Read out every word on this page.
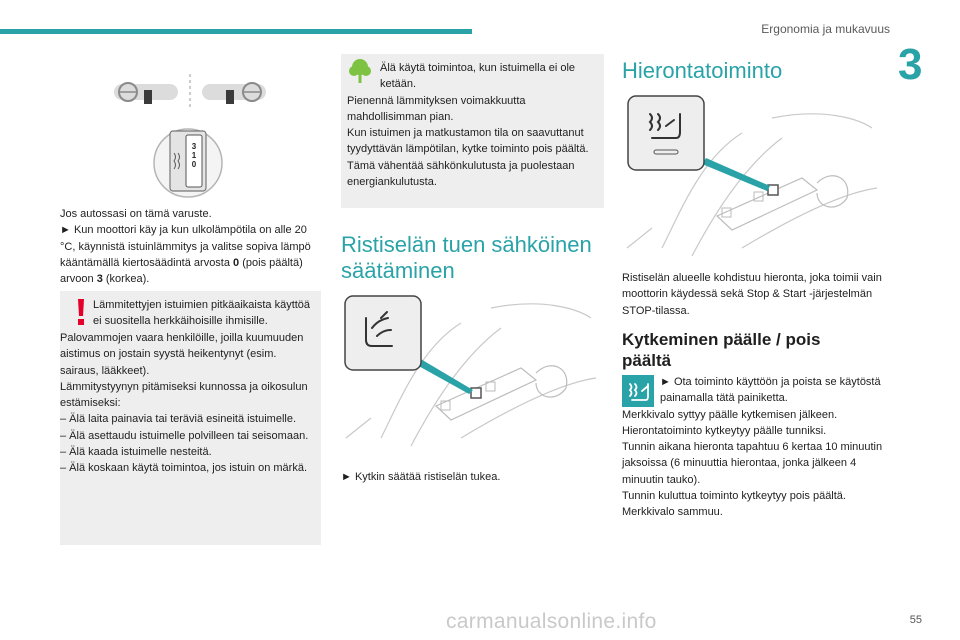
Ergonomia ja mukavuus
3
3
1
0

Jos autossasi on tämä varuste.

► Kun moottori käy ja kun ulkolämpötila on alle 20 °C, käynnistä istuinlämmitys ja valitse sopiva lämpö kääntämällä kiertosäädintä arvosta 0 (pois päältä) arvoon 3 (korkea).

Lämmitettyjen istuimien pitkäaikaista käyttöä ei suositella herkkäihoisille ihmisille.

Palovammojen vaara henkilöille, joilla kuumuuden aistimus on jostain syystä heikentynyt (esim. sairaus, lääkkeet).

Lämmitystyynyn pitämiseksi kunnossa ja oikosulun estämiseksi:

– Älä laita painavia tai teräviä esineitä istuimelle.

– Älä asettaudu istuimelle polvilleen tai seisomaan.

– Älä kaada istuimelle nesteitä.

– Älä koskaan käytä toimintoa, jos istuin on märkä.

Älä käytä toimintoa, kun istuimella ei ole ketään.

Pienennä lämmityksen voimakkuutta mahdollisimman pian.

Kun istuimen ja matkustamon tila on saavuttanut tyydyttävän lämpötilan, kytke toiminto pois päältä. Tämä vähentää sähkönkulutusta ja puolestaan energiankulutusta.

Ristiselän tuen sähköinen säätäminen
► Kytkin säätää ristiselän tukea.
Hierontatoiminto
Ristiselän alueelle kohdistuu hieronta, joka toimii vain moottorin käydessä sekä Stop & Start -järjestelmän STOP-tilassa.
Kytkeminen päälle / pois päältä

► Ota toiminto käyttöön ja poista se käytöstä painamalla tätä painiketta.

Merkkivalo syttyy päälle kytkemisen jälkeen.

Hierontatoiminto kytkeytyy päälle tunniksi.

Tunnin aikana hieronta tapahtuu 6 kertaa 10 minuutin jaksoissa (6 minuuttia hierontaa, jonka jälkeen 4 minuutin tauko).

Tunnin kuluttua toiminto kytkeytyy pois päältä. Merkkivalo sammuu.

carmanualsonline.info	55
